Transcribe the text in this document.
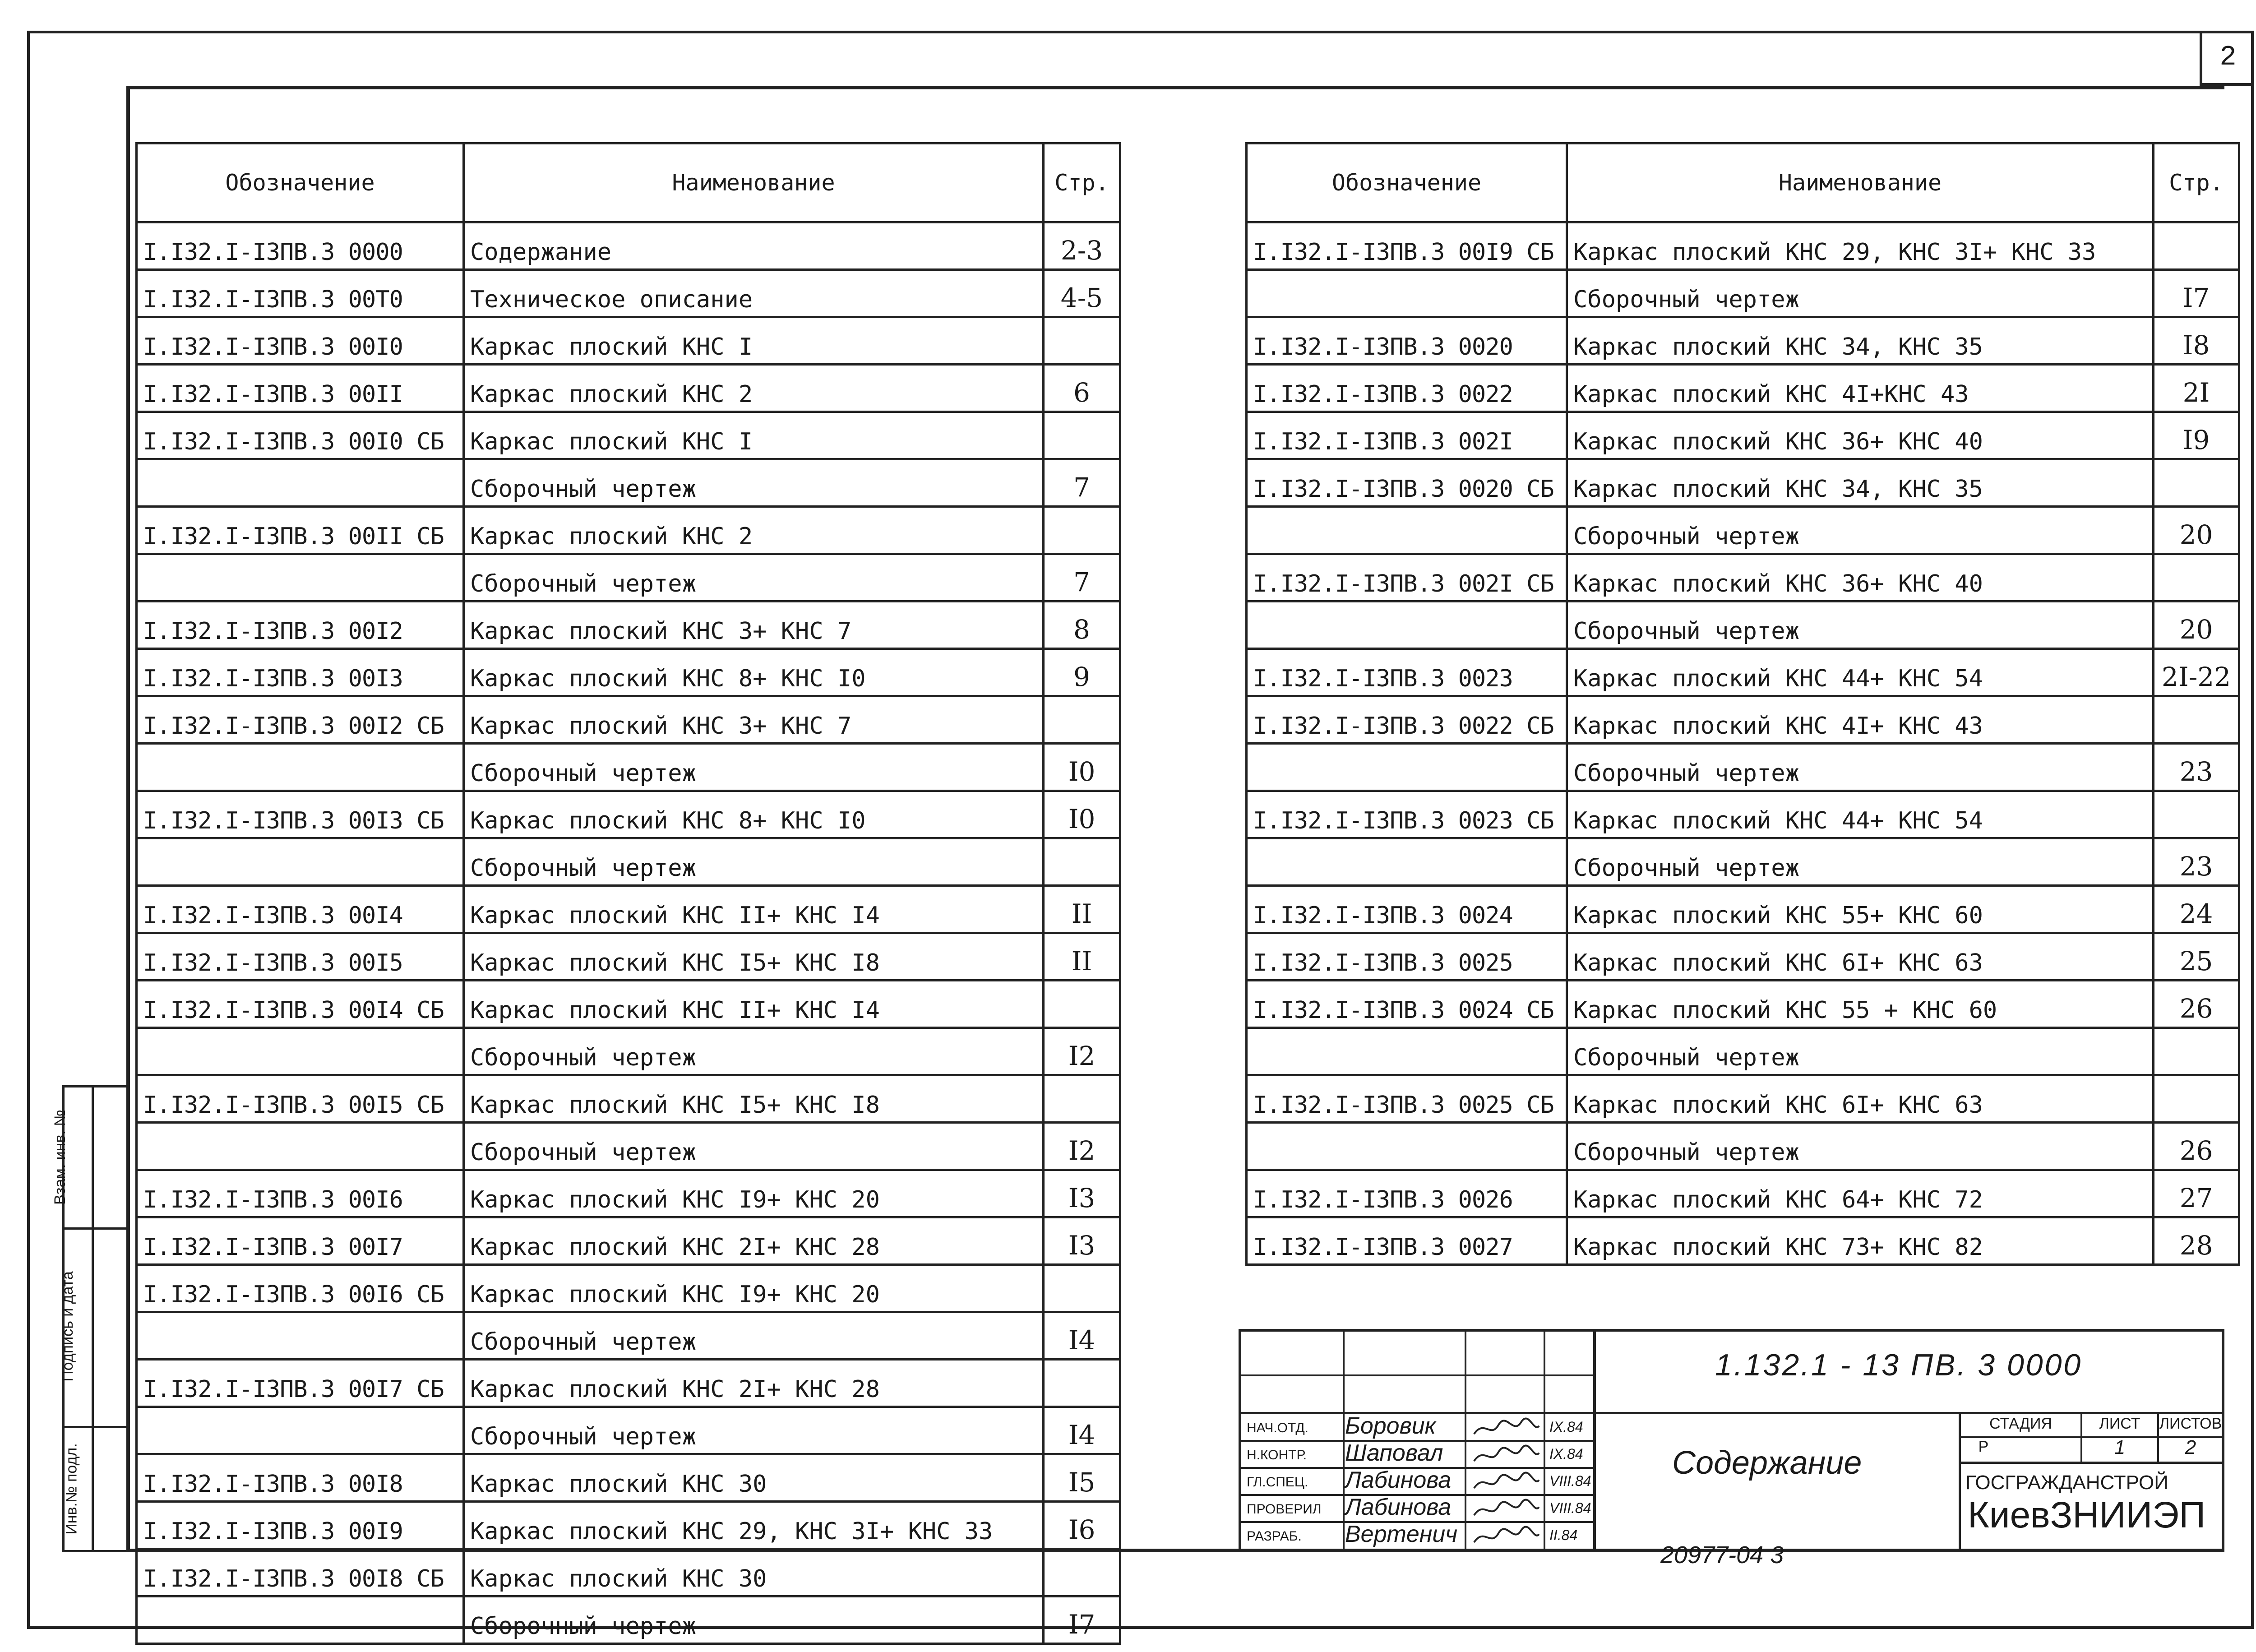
2
Обозначение	Наименование	Стр.
I.I32.I-I3ПВ.3 0000	Содержание	2-3
I.I32.I-I3ПВ.3 00Т0	Техническое описание	4-5
I.I32.I-I3ПВ.3 00I0	Каркас плоский КНС I	
I.I32.I-I3ПВ.3 00II	Каркас плоский КНС 2	6
I.I32.I-I3ПВ.3 00I0 СБ	Каркас плоский КНС I	
	Сборочный чертеж	7
I.I32.I-I3ПВ.3 00II СБ	Каркас плоский КНС 2	
	Сборочный чертеж	7
I.I32.I-I3ПВ.3 00I2	Каркас плоский КНС 3+ КНС 7	8
I.I32.I-I3ПВ.3 00I3	Каркас плоский КНС 8+ КНС I0	9
I.I32.I-I3ПВ.3 00I2 СБ	Каркас плоский КНС 3+ КНС 7	
	Сборочный чертеж	I0
I.I32.I-I3ПВ.3 00I3 СБ	Каркас плоский КНС 8+ КНС I0	I0
	Сборочный чертеж	
I.I32.I-I3ПВ.3 00I4	Каркас плоский КНС II+ КНС I4	II
I.I32.I-I3ПВ.3 00I5	Каркас плоский КНС I5+ КНС I8	II
I.I32.I-I3ПВ.3 00I4 СБ	Каркас плоский КНС II+ КНС I4	
	Сборочный чертеж	I2
I.I32.I-I3ПВ.3 00I5 СБ	Каркас плоский КНС I5+ КНС I8	
	Сборочный чертеж	I2
I.I32.I-I3ПВ.3 00I6	Каркас плоский КНС I9+ КНС 20	I3
I.I32.I-I3ПВ.3 00I7	Каркас плоский КНС 2I+ КНС 28	I3
I.I32.I-I3ПВ.3 00I6 СБ	Каркас плоский КНС I9+ КНС 20	
	Сборочный чертеж	I4
I.I32.I-I3ПВ.3 00I7 СБ	Каркас плоский КНС 2I+ КНС 28	
	Сборочный чертеж	I4
I.I32.I-I3ПВ.3 00I8	Каркас плоский КНС 30	I5
I.I32.I-I3ПВ.3 00I9	Каркас плоский КНС 29, КНС 3I+ КНС 33	I6
I.I32.I-I3ПВ.3 00I8 СБ	Каркас плоский КНС 30	
	Сборочный чертеж	I7
Обозначение	Наименование	Стр.
I.I32.I-I3ПВ.3 00I9 СБ	Каркас плоский КНС 29, КНС 3I+ КНС 33	
	Сборочный чертеж	I7
I.I32.I-I3ПВ.3 0020	Каркас плоский КНС 34, КНС 35	I8
I.I32.I-I3ПВ.3 0022	Каркас плоский КНС 4I+КНС 43	2I
I.I32.I-I3ПВ.3 002I	Каркас плоский КНС 36+ КНС 40	I9
I.I32.I-I3ПВ.3 0020 СБ	Каркас плоский КНС 34, КНС 35	
	Сборочный чертеж	20
I.I32.I-I3ПВ.3 002I СБ	Каркас плоский КНС 36+ КНС 40	
	Сборочный чертеж	20
I.I32.I-I3ПВ.3 0023	Каркас плоский КНС 44+ КНС 54	2I-22
I.I32.I-I3ПВ.3 0022 СБ	Каркас плоский КНС 4I+ КНС 43	
	Сборочный чертеж	23
I.I32.I-I3ПВ.3 0023 СБ	Каркас плоский КНС 44+ КНС 54	
	Сборочный чертеж	23
I.I32.I-I3ПВ.3 0024	Каркас плоский КНС 55+ КНС 60	24
I.I32.I-I3ПВ.3 0025	Каркас плоский КНС 6I+ КНС 63	25
I.I32.I-I3ПВ.3 0024 СБ	Каркас плоский КНС 55 + КНС 60	26
	Сборочный чертеж	
I.I32.I-I3ПВ.3 0025 СБ	Каркас плоский КНС 6I+ КНС 63	
	Сборочный чертеж	26
I.I32.I-I3ПВ.3 0026	Каркас плоский КНС 64+ КНС 72	27
I.I32.I-I3ПВ.3 0027	Каркас плоский КНС 73+ КНС 82	28
Взам. инв. №
Подпись и дата
Инв.№ подл.
НАЧ.ОТД. Боровик	IX.84
Н.КОНТР. Шаповал	IX.84
ГЛ.СПЕЦ. Лабинова	VIII.84
ПРОВЕРИЛ Лабинова	VIII.84
РАЗРАБ. Вертенич	II.84
1.132.1 - 13 ПВ. 3 0000
Содержание
СТАДИЯ	ЛИСТ	ЛИСТОВ
Р	1	2
ГОСГРАЖДАНСТРОЙ
КиевЗНИИЭП
20977-04 3
